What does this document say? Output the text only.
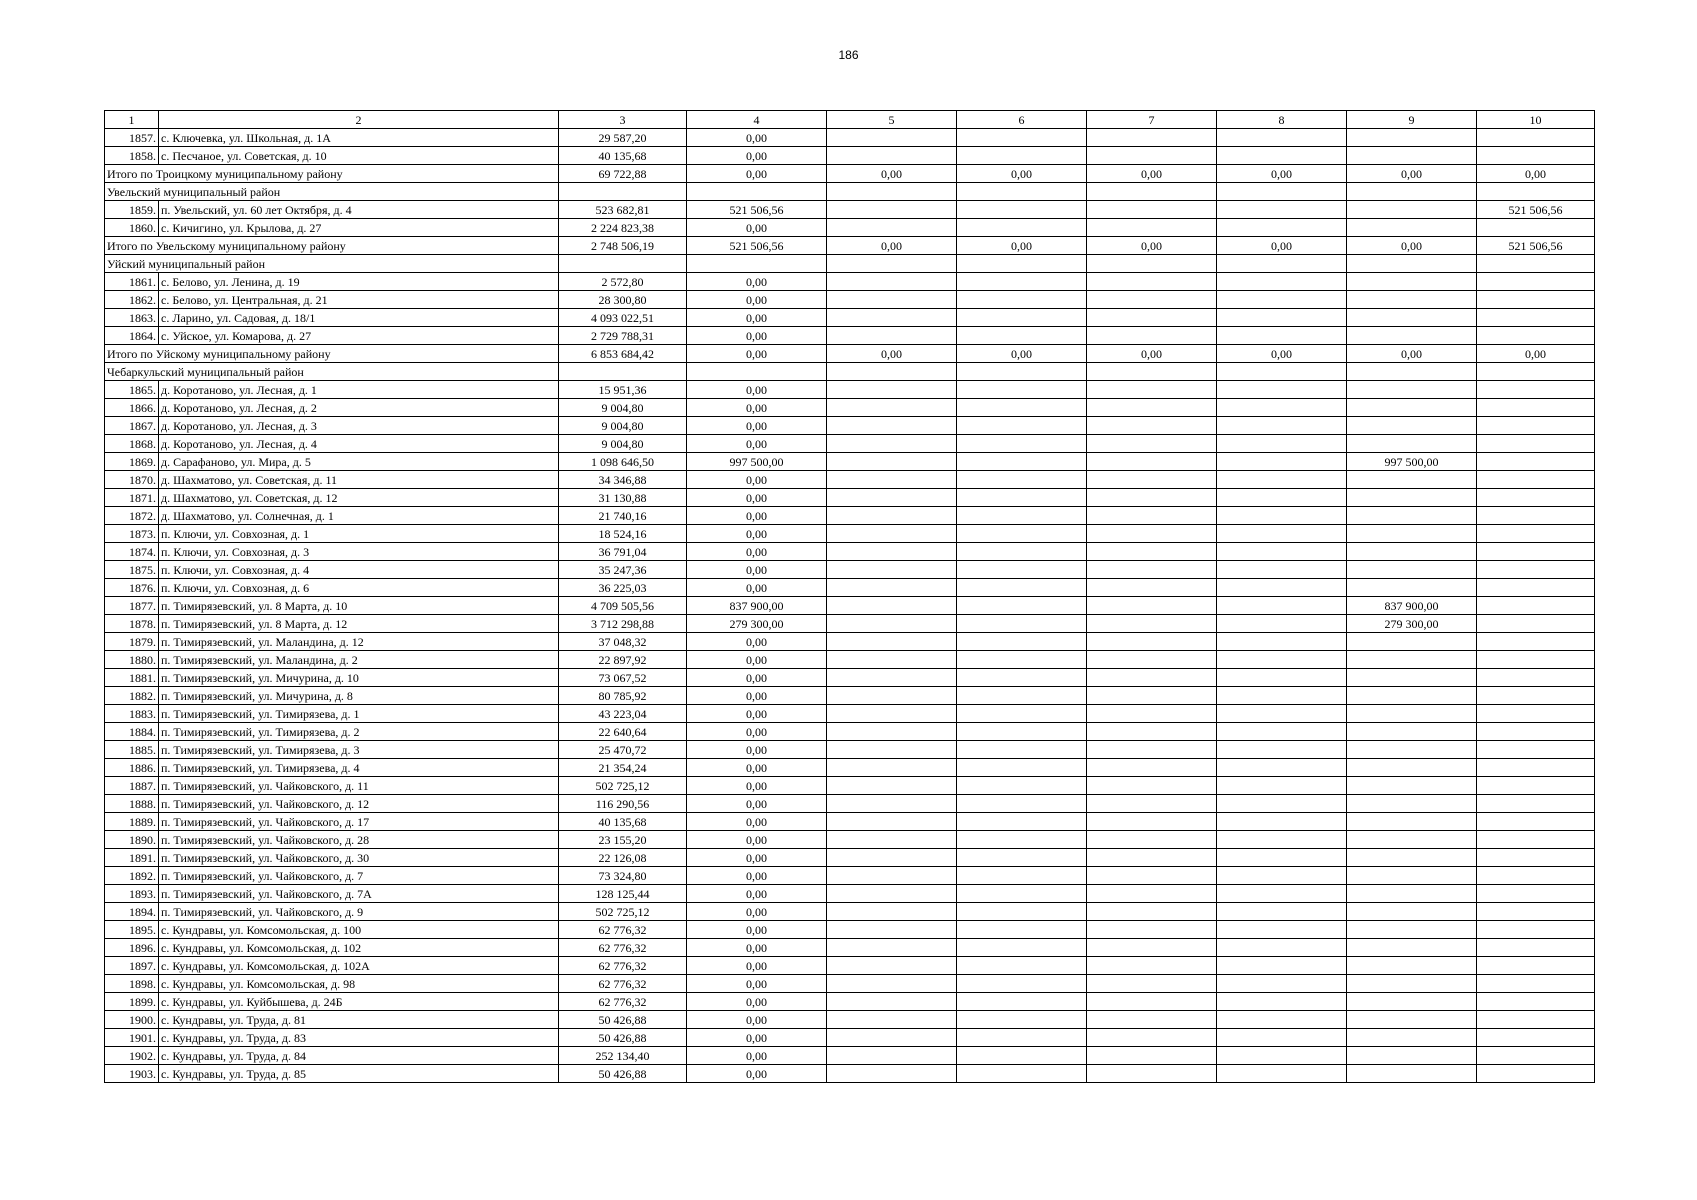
186
1	2	3	4	5	6	7	8	9	10
1857.	с. Ключевка, ул. Школьная, д. 1А	29 587,20	0,00						
1858.	с. Песчаное, ул. Советская, д. 10	40 135,68	0,00						
Итого по Троицкому муниципальному району		69 722,88	0,00	0,00	0,00	0,00	0,00	0,00	0,00
Увельский муниципальный район									
1859.	п. Увельский, ул. 60 лет Октября, д. 4	523 682,81	521 506,56						521 506,56
1860.	с. Кичигино, ул. Крылова, д. 27	2 224 823,38	0,00						
Итого по Увельскому муниципальному району		2 748 506,19	521 506,56	0,00	0,00	0,00	0,00	0,00	521 506,56
Уйский муниципальный район									
1861.	с. Белово, ул. Ленина, д. 19	2 572,80	0,00						
1862.	с. Белово, ул. Центральная, д. 21	28 300,80	0,00						
1863.	с. Ларино, ул. Садовая, д. 18/1	4 093 022,51	0,00						
1864.	с. Уйское, ул. Комарова, д. 27	2 729 788,31	0,00						
Итого по Уйскому муниципальному району		6 853 684,42	0,00	0,00	0,00	0,00	0,00	0,00	0,00
Чебаркульский муниципальный район									
1865.	д. Коротаново, ул. Лесная, д. 1	15 951,36	0,00						
1866.	д. Коротаново, ул. Лесная, д. 2	9 004,80	0,00						
1867.	д. Коротаново, ул. Лесная, д. 3	9 004,80	0,00						
1868.	д. Коротаново, ул. Лесная, д. 4	9 004,80	0,00						
1869.	д. Сарафаново, ул. Мира, д. 5	1 098 646,50	997 500,00					997 500,00	
1870.	д. Шахматово, ул. Советская, д. 11	34 346,88	0,00						
1871.	д. Шахматово, ул. Советская, д. 12	31 130,88	0,00						
1872.	д. Шахматово, ул. Солнечная, д. 1	21 740,16	0,00						
1873.	п. Ключи, ул. Совхозная, д. 1	18 524,16	0,00						
1874.	п. Ключи, ул. Совхозная, д. 3	36 791,04	0,00						
1875.	п. Ключи, ул. Совхозная, д. 4	35 247,36	0,00						
1876.	п. Ключи, ул. Совхозная, д. 6	36 225,03	0,00						
1877.	п. Тимирязевский, ул. 8 Марта, д. 10	4 709 505,56	837 900,00					837 900,00	
1878.	п. Тимирязевский, ул. 8 Марта, д. 12	3 712 298,88	279 300,00					279 300,00	
1879.	п. Тимирязевский, ул. Маландина, д. 12	37 048,32	0,00						
1880.	п. Тимирязевский, ул. Маландина, д. 2	22 897,92	0,00						
1881.	п. Тимирязевский, ул. Мичурина, д. 10	73 067,52	0,00						
1882.	п. Тимирязевский, ул. Мичурина, д. 8	80 785,92	0,00						
1883.	п. Тимирязевский, ул. Тимирязева, д. 1	43 223,04	0,00						
1884.	п. Тимирязевский, ул. Тимирязева, д. 2	22 640,64	0,00						
1885.	п. Тимирязевский, ул. Тимирязева, д. 3	25 470,72	0,00						
1886.	п. Тимирязевский, ул. Тимирязева, д. 4	21 354,24	0,00						
1887.	п. Тимирязевский, ул. Чайковского, д. 11	502 725,12	0,00						
1888.	п. Тимирязевский, ул. Чайковского, д. 12	116 290,56	0,00						
1889.	п. Тимирязевский, ул. Чайковского, д. 17	40 135,68	0,00						
1890.	п. Тимирязевский, ул. Чайковского, д. 28	23 155,20	0,00						
1891.	п. Тимирязевский, ул. Чайковского, д. 30	22 126,08	0,00						
1892.	п. Тимирязевский, ул. Чайковского, д. 7	73 324,80	0,00						
1893.	п. Тимирязевский, ул. Чайковского, д. 7А	128 125,44	0,00						
1894.	п. Тимирязевский, ул. Чайковского, д. 9	502 725,12	0,00						
1895.	с. Кундравы, ул. Комсомольская, д. 100	62 776,32	0,00						
1896.	с. Кундравы, ул. Комсомольская, д. 102	62 776,32	0,00						
1897.	с. Кундравы, ул. Комсомольская, д. 102А	62 776,32	0,00						
1898.	с. Кундравы, ул. Комсомольская, д. 98	62 776,32	0,00						
1899.	с. Кундравы, ул. Куйбышева, д. 24Б	62 776,32	0,00						
1900.	с. Кундравы, ул. Труда, д. 81	50 426,88	0,00						
1901.	с. Кундравы, ул. Труда, д. 83	50 426,88	0,00						
1902.	с. Кундравы, ул. Труда, д. 84	252 134,40	0,00						
1903.	с. Кундравы, ул. Труда, д. 85	50 426,88	0,00						
